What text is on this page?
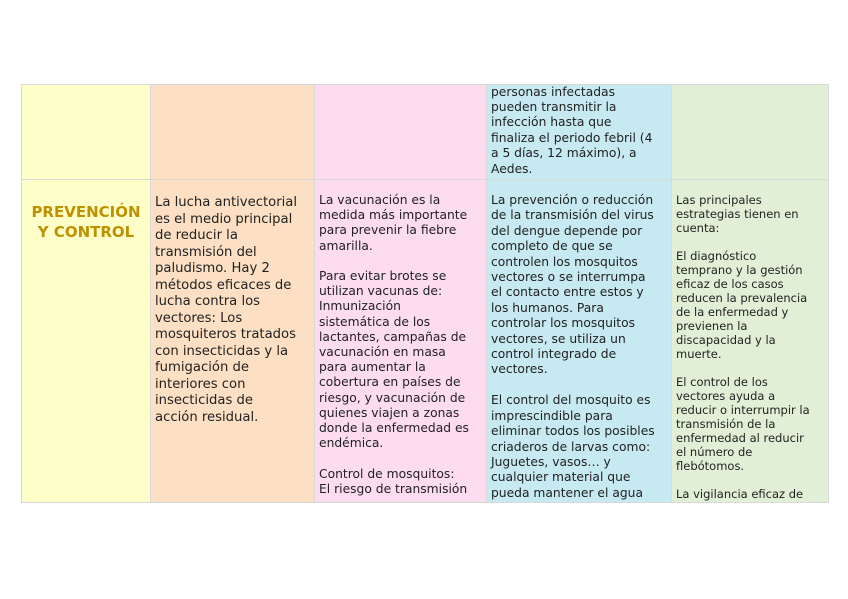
personas infectadas
pueden transmitir la
infección hasta que
finaliza el periodo febril (4
a 5 días, 12 máximo), a
Aedes.
PREVENCIÓN
Y CONTROL
La lucha antivectorial
es el medio principal
de reducir la
transmisión del
paludismo. Hay 2
métodos eficaces de
lucha contra los
vectores: Los
mosquiteros tratados
con insecticidas y la
fumigación de
interiores con
insecticidas de
acción residual.
La vacunación es la
medida más importante
para prevenir la fiebre
amarilla.

Para evitar brotes se
utilizan vacunas de:
Inmunización
sistemática de los
lactantes, campañas de
vacunación en masa
para aumentar la
cobertura en países de
riesgo, y vacunación de
quienes viajen a zonas
donde la enfermedad es
endémica.

Control de mosquitos:
El riesgo de transmisión
La prevención o reducción
de la transmisión del virus
del dengue depende por
completo de que se
controlen los mosquitos
vectores o se interrumpa
el contacto entre estos y
los humanos. Para
controlar los mosquitos
vectores, se utiliza un
control integrado de
vectores.

El control del mosquito es
imprescindible para
eliminar todos los posibles
criaderos de larvas como:
Juguetes, vasos… y
cualquier material que
pueda mantener el agua
Las principales
estrategias tienen en
cuenta:

El diagnóstico
temprano y la gestión
eficaz de los casos
reducen la prevalencia
de la enfermedad y
previenen la
discapacidad y la
muerte.

El control de los
vectores ayuda a
reducir o interrumpir la
transmisión de la
enfermedad al reducir
el número de
flebótomos.

La vigilancia eficaz de
